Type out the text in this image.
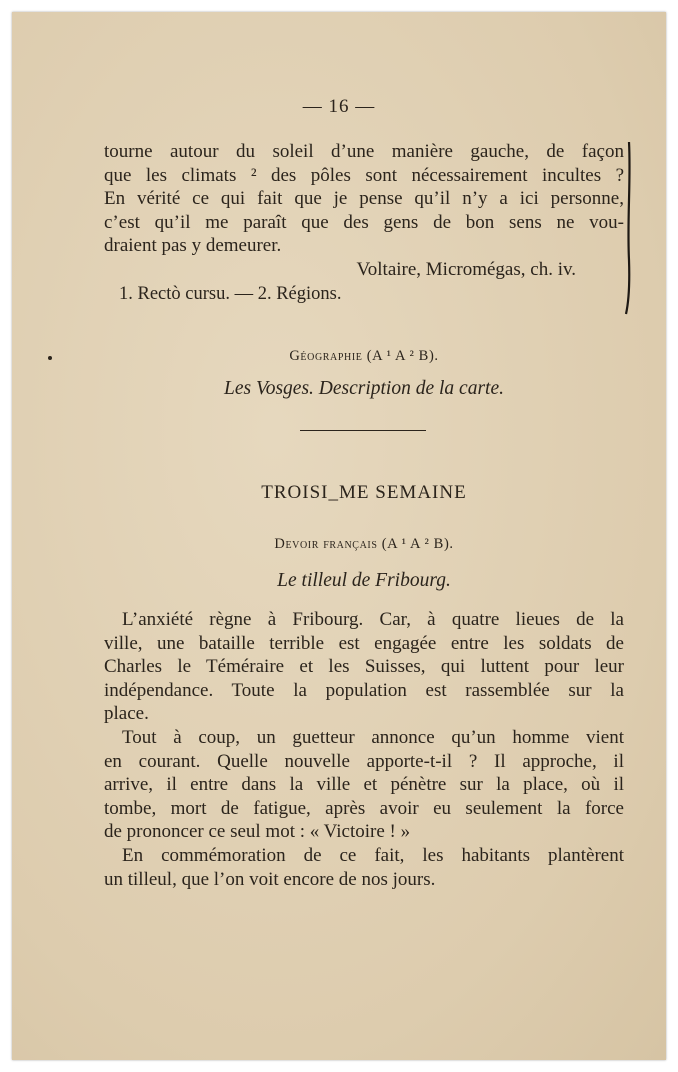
— 16 —
tourne autour du soleil d’une manière gauche, de façon
que les climats ² des pôles sont nécessairement incultes ?
En vérité ce qui fait que je pense qu’il n’y a ici personne,
c’est qu’il me paraît que des gens de bon sens ne vou-
draient pas y demeurer.
Voltaire, Micromégas, ch. iv.
1. Rectò cursu. — 2. Régions.
Géographie (A ¹ A ² B).
Les Vosges. Description de la carte.
TROISI_ME SEMAINE
Devoir français (A ¹ A ² B).
Le tilleul de Fribourg.
L’anxiété règne à Fribourg. Car, à quatre lieues de la
ville, une bataille terrible est engagée entre les soldats de
Charles le Téméraire et les Suisses, qui luttent pour leur
indépendance. Toute la population est rassemblée sur la
place.
Tout à coup, un guetteur annonce qu’un homme vient
en courant. Quelle nouvelle apporte-t-il ? Il approche, il
arrive, il entre dans la ville et pénètre sur la place, où il
tombe, mort de fatigue, après avoir eu seulement la force
de prononcer ce seul mot : « Victoire ! »
En commémoration de ce fait, les habitants plantèrent
un tilleul, que l’on voit encore de nos jours.
